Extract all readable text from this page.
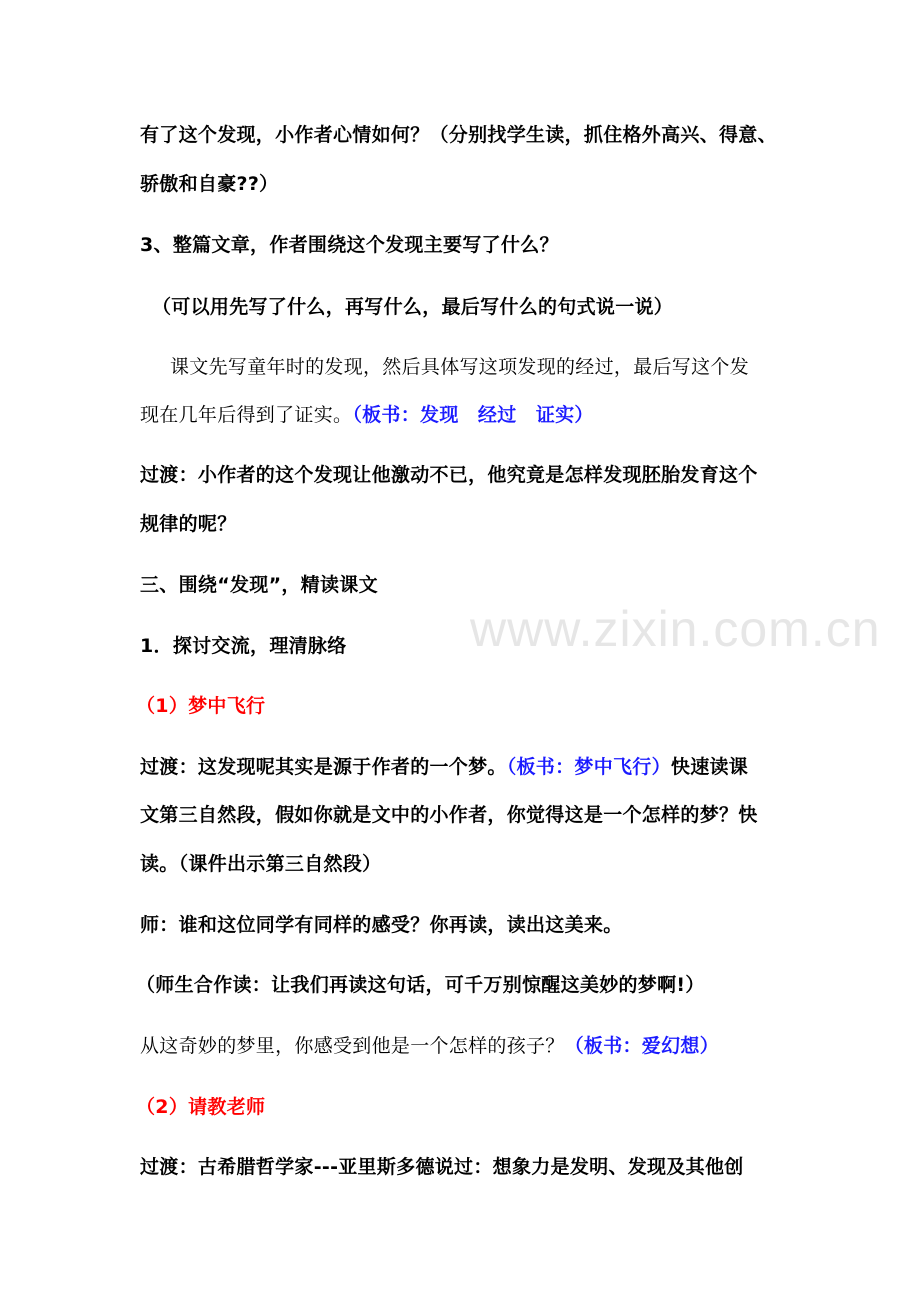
有了这个发现，小作者心情如何？（分别找学生读，抓住格外高兴、得意、
骄傲和自豪??）
3、整篇文章，作者围绕这个发现主要写了什么？
（可以用先写了什么，再写什么，最后写什么的句式说一说）
课文先写童年时的发现，然后具体写这项发现的经过，最后写这个发
现在几年后得到了证实。（板书：发现　经过　证实）
过渡：小作者的这个发现让他激动不已，他究竟是怎样发现胚胎发育这个
规律的呢？
三、围绕“发现”，精读课文
1．探讨交流，理清脉络
（1）梦中飞行
过渡：这发现呢其实是源于作者的一个梦。（板书：梦中飞行）快速读课
文第三自然段，假如你就是文中的小作者，你觉得这是一个怎样的梦？快
读。（课件出示第三自然段）
师：谁和这位同学有同样的感受？你再读，读出这美来。
（师生合作读：让我们再读这句话，可千万别惊醒这美妙的梦啊!）
从这奇妙的梦里，你感受到他是一个怎样的孩子？（板书：爱幻想）
（2）请教老师
过渡：古希腊哲学家---亚里斯多德说过：想象力是发明、发现及其他创
www.zixin.com.cn
